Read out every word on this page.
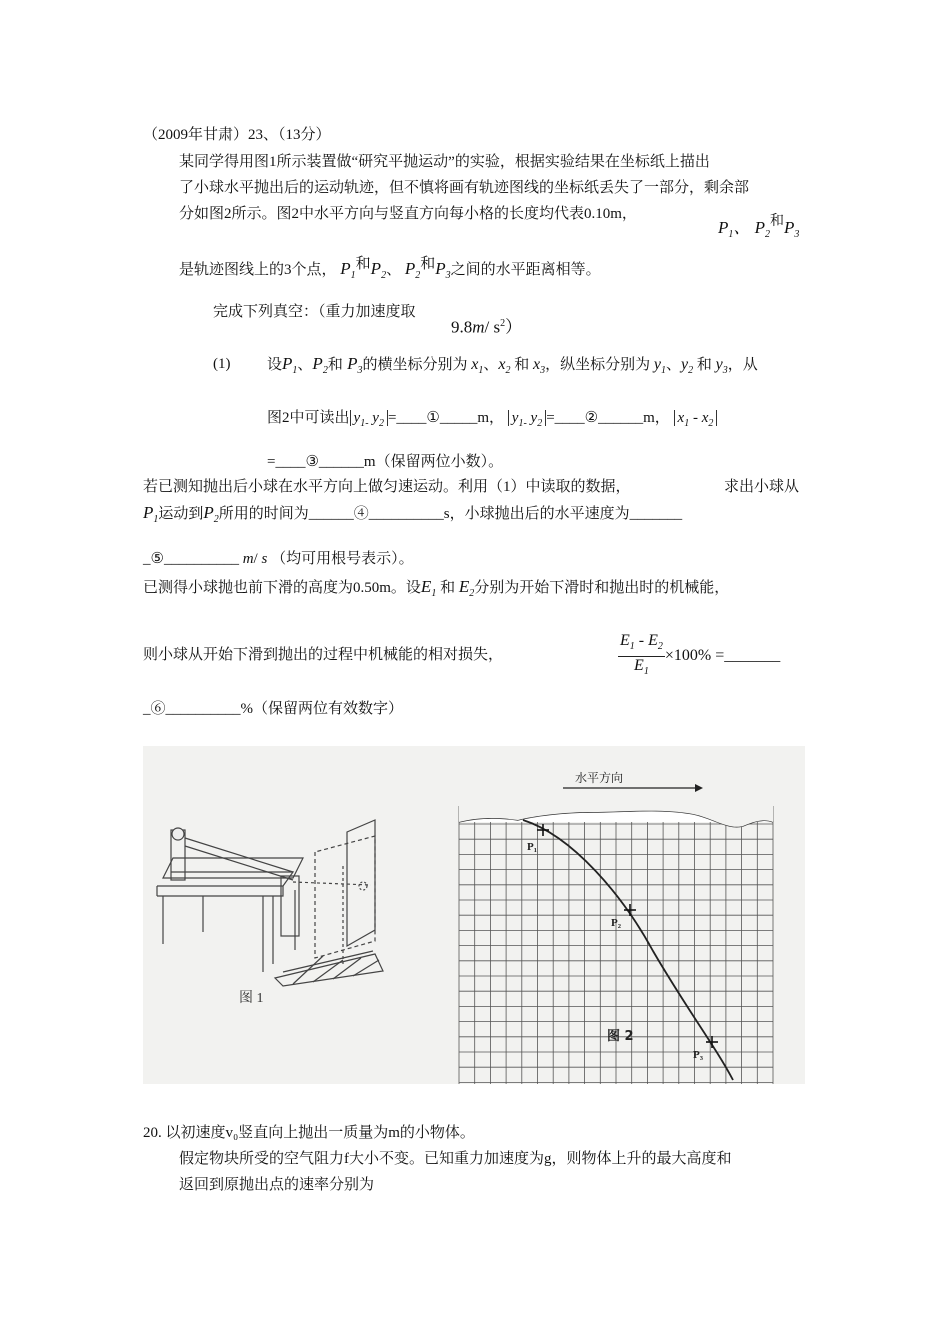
（2009年甘肃）23、（13分）
某同学得用图1所示装置做“研究平抛运动”的实验，根据实验结果在坐标纸上描出
了小球水平抛出后的运动轨迹，但不慎将画有轨迹图线的坐标纸丢失了一部分，剩余部
分如图2所示。图2中水平方向与竖直方向每小格的长度均代表0.10m，
$P_1$、 $P_2^和P_3$
是轨迹图线上的3个点， $P_1$和$P_2$、 $P_2$和$P_3$之间的水平距离相等。
完成下列真空：（重力加速度取
9.8m/ $s^2$）
(1) 设$P_1$、$P_2$和 $P_3$的横坐标分别为 $x_1$、$x_2$ 和 $x_3$，纵坐标分别为 $y_1$、$y_2$ 和 $y_3$，从
图2中可读出 $y_{1-}$ $y_2$ =____①_____m， $y_{1-}$ $y_2$ =____②______m， $x_1 - x_2$
=____③______m（保留两位小数）。
若已测知抛出后小球在水平方向上做匀速运动。利用（1）中读取的数据，	求出小球从
$P_1$运动到$P_2$所用的时间为______④__________s，小球抛出后的水平速度为_______
_⑤__________ m/ s （均可用根号表示）。
已测得小球抛也前下滑的高度为0.50m。设$E_1$ 和 $E_2$分别为开始下滑时和抛出时的机械能，
则小球从开始下滑到抛出的过程中机械能的相对损失，	$\frac{E_1 - E_2}{E_1} \times 100\%$ =_______
_⑥__________%（保留两位有效数字）
图 1
水平方向
P₁
P₂
P₃
图 2
20. 以初速度v₀竖直向上抛出一质量为m的小物体。
假定物块所受的空气阻力f大小不变。已知重力加速度为g，则物体上升的最大高度和
返回到原抛出点的速率分别为
